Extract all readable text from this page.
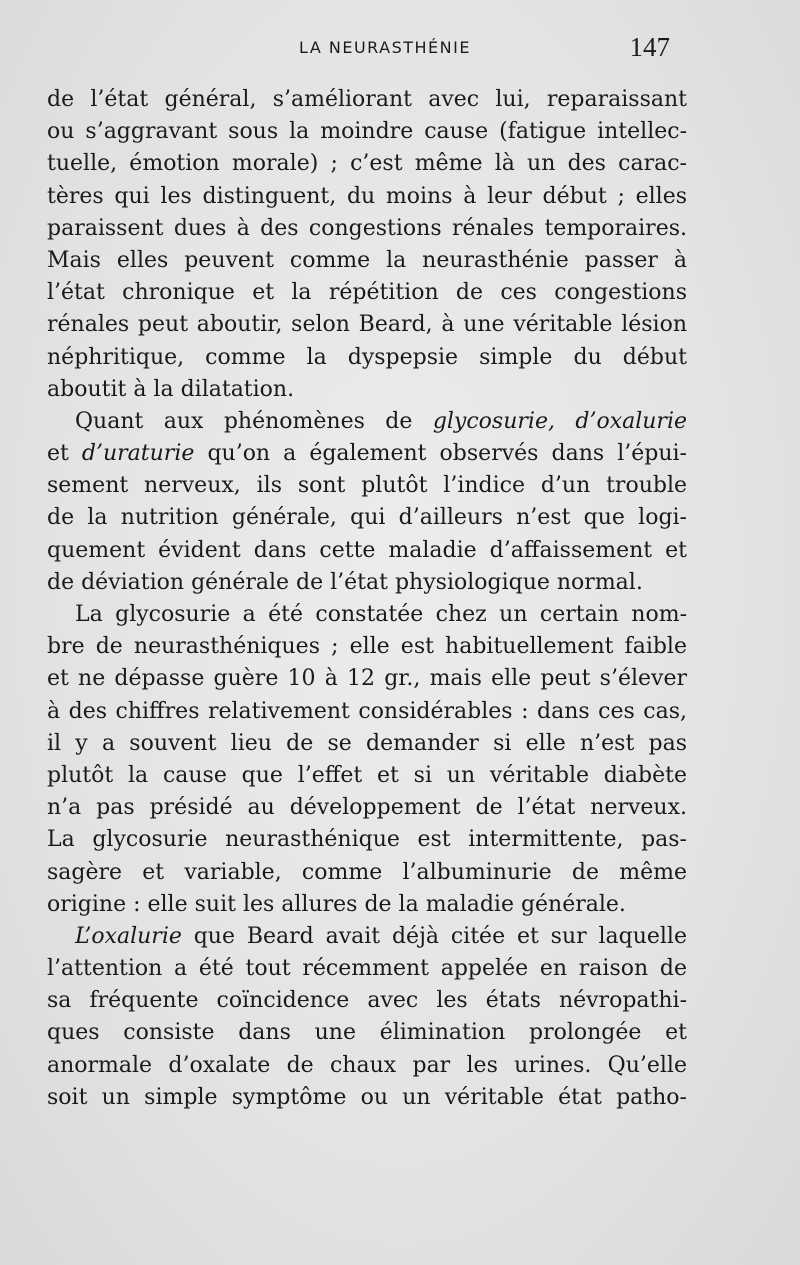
LA NEURASTHÉNIE	147
de l’état général, s’améliorant avec lui, reparaissant
ou s’aggravant sous la moindre cause (fatigue intellec-
tuelle, émotion morale) ; c’est même là un des carac-
tères qui les distinguent, du moins à leur début ; elles
paraissent dues à des congestions rénales temporaires.
Mais elles peuvent comme la neurasthénie passer à
l’état chronique et la répétition de ces congestions
rénales peut aboutir, selon Beard, à une véritable lésion
néphritique, comme la dyspepsie simple du début
aboutit à la dilatation.
Quant aux phénomènes de glycosurie, d’oxalurie
et d’uraturie qu’on a également observés dans l’épui-
sement nerveux, ils sont plutôt l’indice d’un trouble
de la nutrition générale, qui d’ailleurs n’est que logi-
quement évident dans cette maladie d’affaissement et
de déviation générale de l’état physiologique normal.
La glycosurie a été constatée chez un certain nom-
bre de neurasthéniques ; elle est habituellement faible
et ne dépasse guère 10 à 12 gr., mais elle peut s’élever
à des chiffres relativement considérables : dans ces cas,
il y a souvent lieu de se demander si elle n’est pas
plutôt la cause que l’effet et si un véritable diabète
n’a pas présidé au développement de l’état nerveux.
La glycosurie neurasthénique est intermittente, pas-
sagère et variable, comme l’albuminurie de même
origine : elle suit les allures de la maladie générale.
L’oxalurie que Beard avait déjà citée et sur laquelle
l’attention a été tout récemment appelée en raison de
sa fréquente coïncidence avec les états névropathi-
ques consiste dans une élimination prolongée et
anormale d’oxalate de chaux par les urines. Qu’elle
soit un simple symptôme ou un véritable état patho-
